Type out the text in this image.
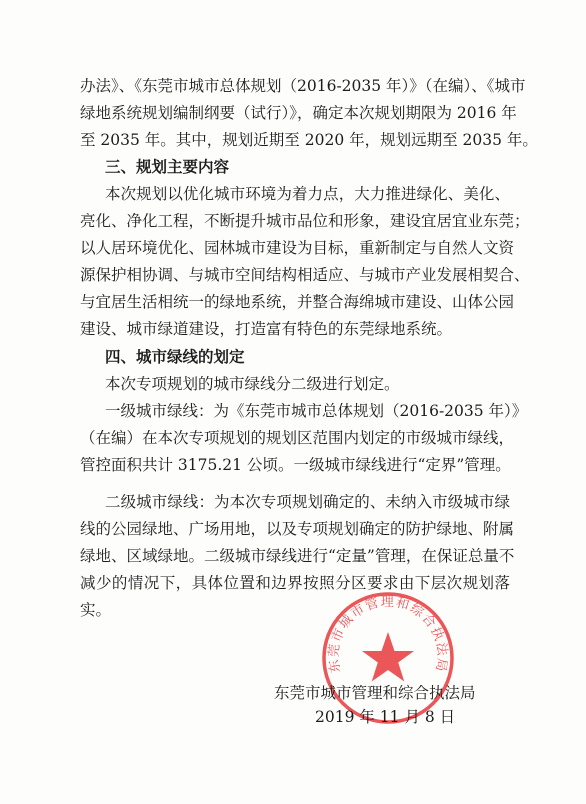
办法》、《东莞市城市总体规划（2016-2035 年）》（在编）、《城市
绿地系统规划编制纲要（试行）》，确定本次规划期限为 2016 年
至 2035 年。其中，规划近期至 2020 年，规划远期至 2035 年。
三、规划主要内容
本次规划以优化城市环境为着力点，大力推进绿化、美化、
亮化、净化工程，不断提升城市品位和形象，建设宜居宜业东莞；
以人居环境优化、园林城市建设为目标，重新制定与自然人文资
源保护相协调、与城市空间结构相适应、与城市产业发展相契合、
与宜居生活相统一的绿地系统，并整合海绵城市建设、山体公园
建设、城市绿道建设，打造富有特色的东莞绿地系统。
四、城市绿线的划定
本次专项规划的城市绿线分二级进行划定。
一级城市绿线：为《东莞市城市总体规划（2016-2035 年）》
（在编）在本次专项规划的规划区范围内划定的市级城市绿线，
管控面积共计 3175.21 公顷。一级城市绿线进行“定界”管理。
二级城市绿线：为本次专项规划确定的、未纳入市级城市绿
线的公园绿地、广场用地，以及专项规划确定的防护绿地、附属
绿地、区域绿地。二级城市绿线进行“定量”管理，在保证总量不
减少的情况下，具体位置和边界按照分区要求由下层次规划落
实。
东莞市城市管理和综合执法局
东莞市城市管理和综合执法局
2019 年 11 月 8 日
